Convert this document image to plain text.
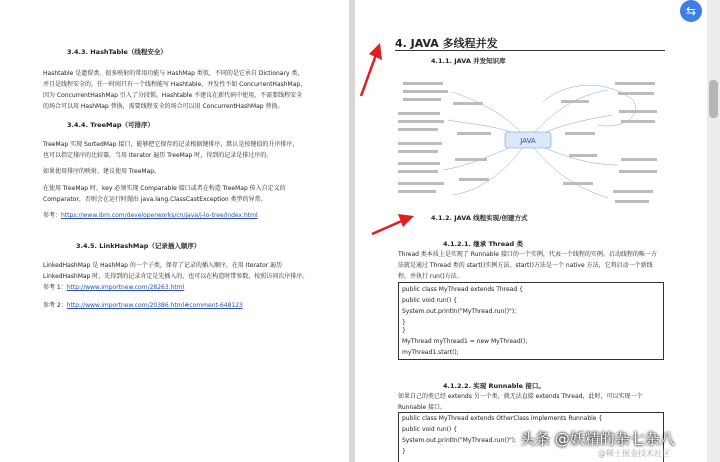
3.4.3. HashTable（线程安全）
Hashtable 是遗留类，很多映射的常用功能与 HashMap 类似，不同的是它承自 Dictionary 类，
并且是线程安全的，任一时间只有一个线程能写 Hashtable，并发性不如 ConcurrentHashMap，
因为 ConcurrentHashMap 引入了分段锁。Hashtable 不建议在新代码中使用，不需要线程安全
的场合可以用 HashMap 替换，需要线程安全的场合可以用 ConcurrentHashMap 替换。
3.4.4. TreeMap（可排序）
TreeMap 实现 SortedMap 接口，能够把它保存的记录根据键排序，默认是按键值的升序排序，
也可以指定排序的比较器，当用 Iterator 遍历 TreeMap 时，得到的记录是排过序的。
如果使用排序的映射，建议使用 TreeMap。
在使用 TreeMap 时，key 必须实现 Comparable 接口或者在构造 TreeMap 传入自定义的
Comparator，否则会在运行时抛出 java.lang.ClassCastException 类型的异常。
参考：https://www.ibm.com/developerworks/cn/java/j-lo-tree/index.html
3.4.5. LinkHashMap（记录插入顺序）
LinkedHashMap 是 HashMap 的一个子类，保存了记录的插入顺序，在用 Iterator 遍历
LinkedHashMap 时，先得到的记录肯定是先插入的，也可以在构造时带参数，按照访问次序排序。
参考 1：http://www.importnew.com/28263.html
参考 2：http://www.importnew.com/20386.html#comment-648123
4. JAVA 多线程并发
4.1.1. JAVA 并发知识库
JAVA
4.1.2. JAVA 线程实现/创建方式
4.1.2.1. 继承 Thread 类
Thread 类本质上是实现了 Runnable 接口的一个实例，代表一个线程的实例。启动线程的唯一方
法就是通过 Thread 类的 start()实例方法。start()方法是一个 native 方法，它将启动一个新线
程，并执行 run()方法。
public class MyThread extends Thread {
public void run() {
System.out.println("MyThread.run()");
}
}
MyThread myThread1 = new MyThread();
myThread1.start();
4.1.2.2. 实现 Runnable 接口。
如果自己的类已经 extends 另一个类，就无法直接 extends Thread，此时，可以实现一个
Runnable 接口。
public class MyThread extends OtherClass implements Runnable {
public void run() {
System.out.println("MyThread.run()");
}
⇆
头条 @妖精的杂七杂八
@稀土掘金技术社区
